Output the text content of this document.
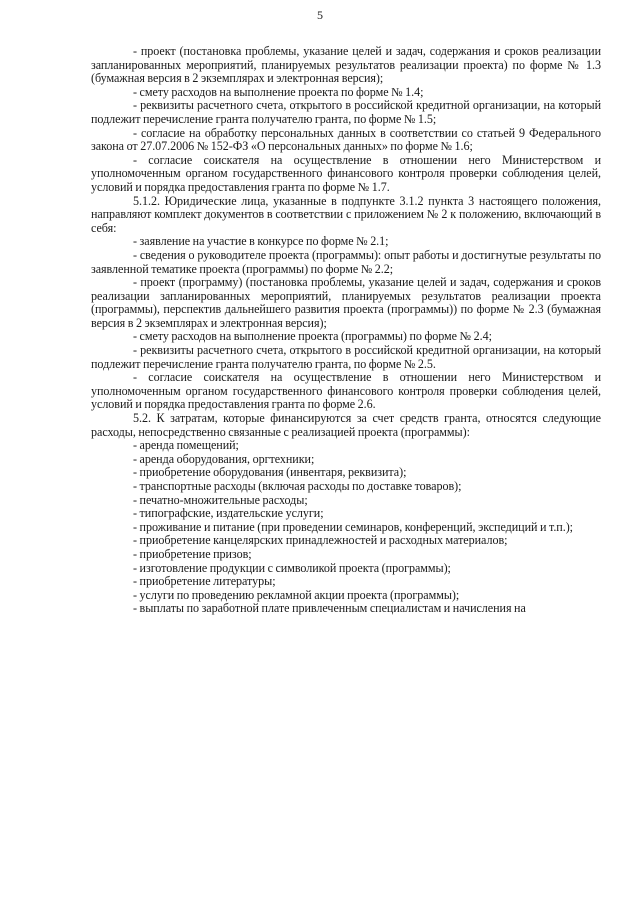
5

- проект (постановка проблемы, указание целей и задач, содержания и сроков реализации запланированных мероприятий, планируемых результатов реализации проекта) по форме № 1.3 (бумажная версия в 2 экземплярах и электронная версия);

- смету расходов на выполнение проекта по форме № 1.4;

- реквизиты расчетного счета, открытого в российской кредитной организации, на который подлежит перечисление гранта получателю гранта, по форме № 1.5;

- согласие на обработку персональных данных в соответствии со статьей 9 Федерального закона от 27.07.2006 № 152-ФЗ «О персональных данных» по форме № 1.6;

- согласие соискателя на осуществление в отношении него Министерством и уполномоченным органом государственного финансового контроля проверки соблюдения целей, условий и порядка предоставления гранта по форме № 1.7.

5.1.2. Юридические лица, указанные в подпункте 3.1.2 пункта 3 настоящего положения, направляют комплект документов в соответствии с приложением № 2 к положению, включающий в себя:

- заявление на участие в конкурсе по форме № 2.1;

- сведения о руководителе проекта (программы): опыт работы и достигнутые результаты по заявленной тематике проекта (программы) по форме № 2.2;

- проект (программу) (постановка проблемы, указание целей и задач, содержания и сроков реализации запланированных мероприятий, планируемых результатов реализации проекта (программы), перспектив дальнейшего развития проекта (программы)) по форме № 2.3 (бумажная версия в 2 экземплярах и электронная версия);

- смету расходов на выполнение проекта (программы) по форме № 2.4;

- реквизиты расчетного счета, открытого в российской кредитной организации, на который подлежит перечисление гранта получателю гранта, по форме № 2.5.

- согласие соискателя на осуществление в отношении него Министерством и уполномоченным органом государственного финансового контроля проверки соблюдения целей, условий и порядка предоставления гранта по форме 2.6.

5.2. К затратам, которые финансируются за счет средств гранта, относятся следующие расходы, непосредственно связанные с реализацией проекта (программы):

- аренда помещений;

- аренда оборудования, оргтехники;

- приобретение оборудования (инвентаря, реквизита);

- транспортные расходы (включая расходы по доставке товаров);

- печатно-множительные расходы;

- типографские, издательские услуги;

- проживание и питание (при проведении семинаров, конференций, экспедиций и т.п.);

- приобретение канцелярских принадлежностей и расходных материалов;

- приобретение призов;

- изготовление продукции с символикой проекта (программы);

- приобретение литературы;

- услуги по проведению рекламной акции проекта (программы);

- выплаты по заработной плате привлеченным специалистам и начисления на
